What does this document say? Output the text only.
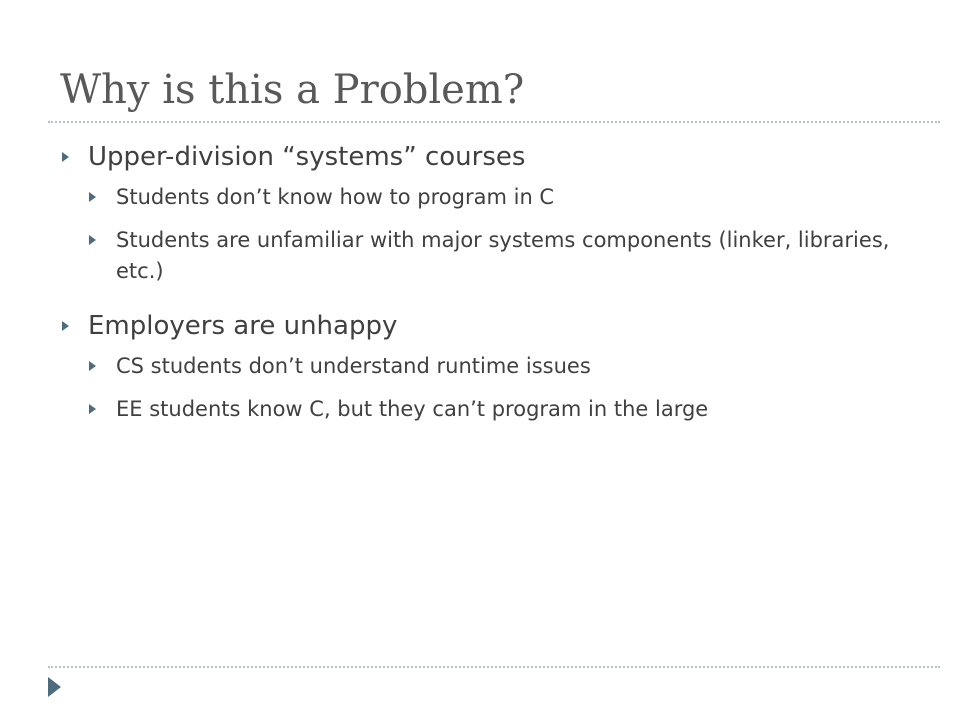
Why is this a Problem?
Upper-division “systems” courses
Students don’t know how to program in C
Students are unfamiliar with major systems components (linker, libraries, etc.)
Employers are unhappy
CS students don’t understand runtime issues
EE students know C, but they can’t program in the large
